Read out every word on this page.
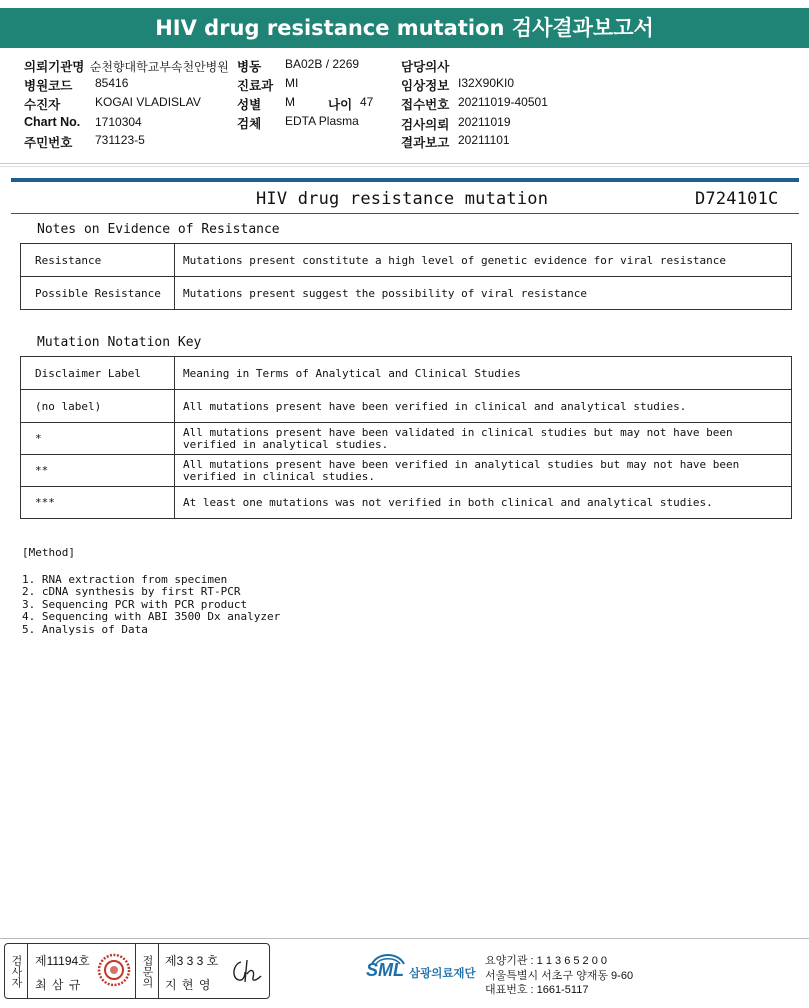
HIV drug resistance mutation 검사결과보고서
의뢰기관명 순천향대학교부속천안병원
병원코드 85416
수진자	KOGAI VLADISLAV
Chart No. 1710304
주민번호 731123-5
병동 BA02B / 2269
진료과 MI
성별 M	나이 47
검체 EDTA Plasma
담당의사
임상정보 I32X90KI0
접수번호 20211019-40501
검사의뢰 20211019
결과보고 20211101
HIV drug resistance mutation	D724101C
Notes on Evidence of Resistance
Resistance	Mutations present constitute a high level of genetic evidence for viral resistance
Possible Resistance	Mutations present suggest the possibility of viral resistance
Mutation Notation Key
Disclaimer Label	Meaning in Terms of Analytical and Clinical Studies
(no label)	All mutations present have been verified in clinical and analytical studies.
*	All mutations present have been validated in clinical studies but may not have been verified in analytical studies.
**	All mutations present have been verified in analytical studies but may not have been verified in clinical studies.
***	At least one mutations was not verified in both clinical and analytical studies.
[Method]
1. RNA extraction from specimen
2. cDNA synthesis by first RT-PCR
3. Sequencing PCR with PCR product
4. Sequencing with ABI 3500 Dx analyzer
5. Analysis of Data
검사자 제11194호
최 삼 규	접문의 제3 3 3 호
지 현 영
SML 삼광의료재단
요양기관 : 1 1 3 6 5 2 0 0
서울특별시 서초구 양재동 9-60
대표번호 : 1661-5117
